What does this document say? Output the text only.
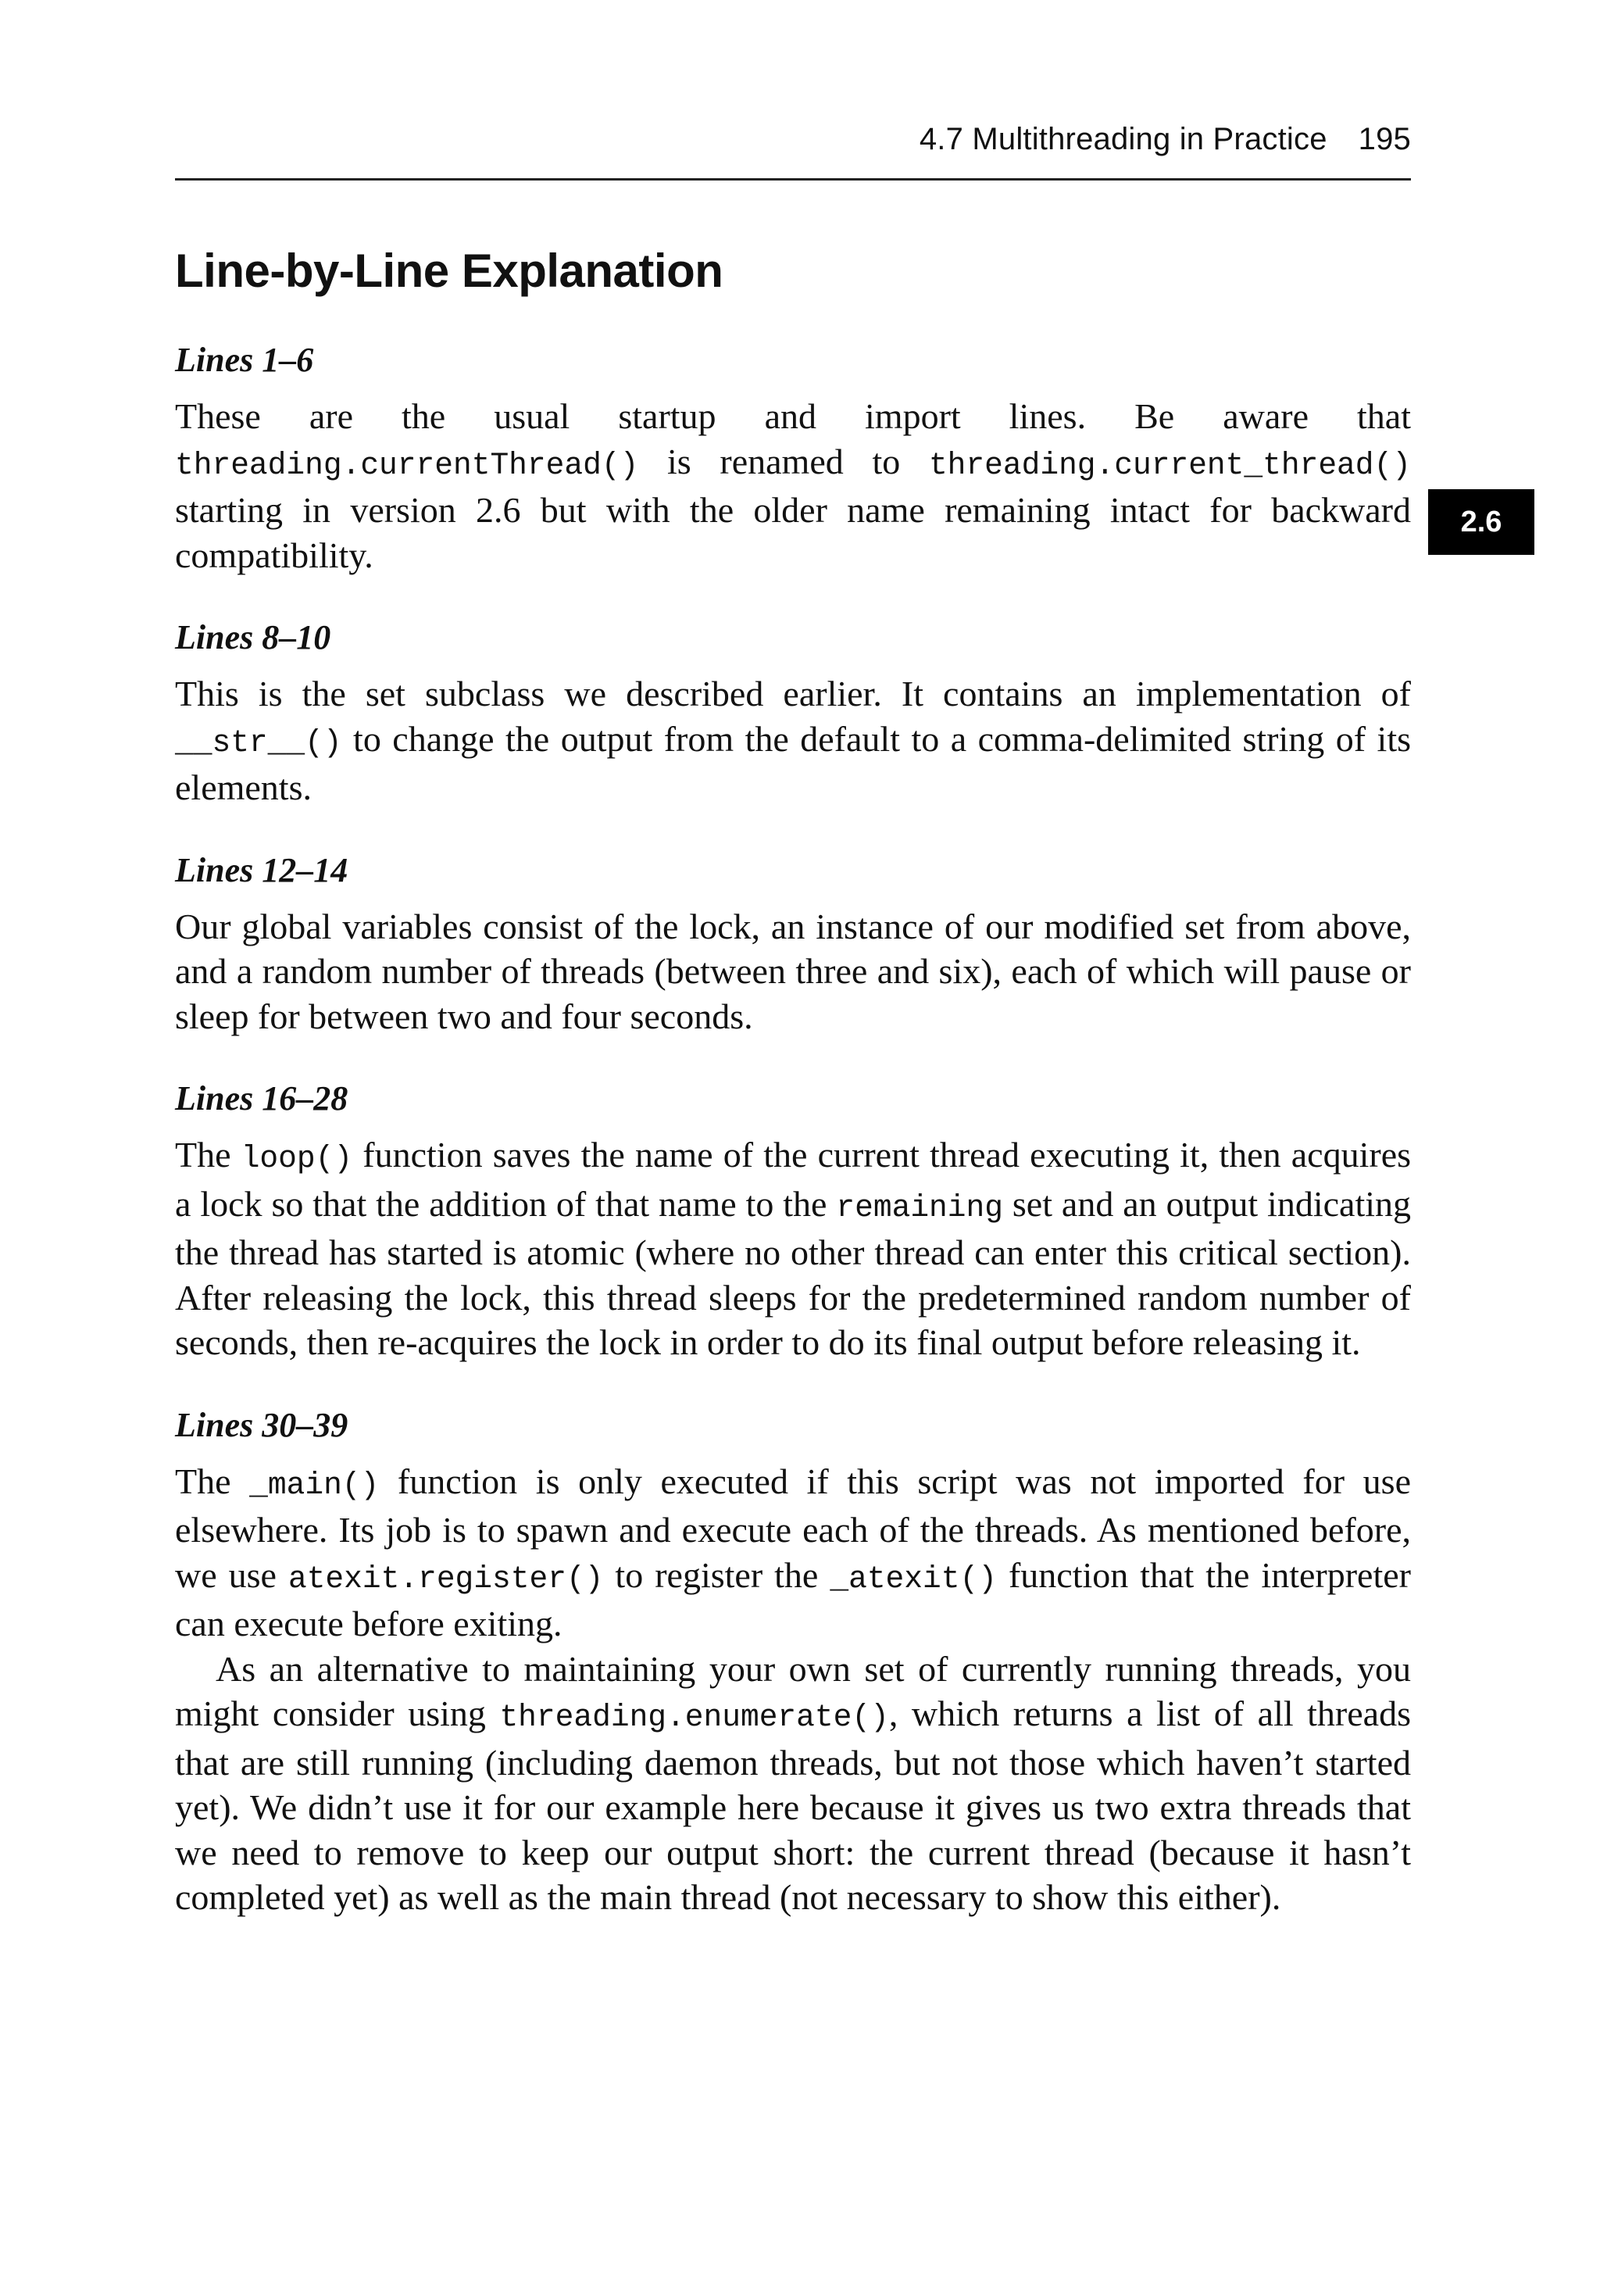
4.7 Multithreading in Practice 195
2.6
Line-by-Line Explanation

Lines 1–6

These are the usual startup and import lines. Be aware that threading.currentThread() is renamed to threading.current_thread() starting in version 2.6 but with the older name remaining intact for backward compatibility.

Lines 8–10

This is the set subclass we described earlier. It contains an implementation of __str__() to change the output from the default to a comma-delimited string of its elements.

Lines 12–14

Our global variables consist of the lock, an instance of our modified set from above, and a random number of threads (between three and six), each of which will pause or sleep for between two and four seconds.

Lines 16–28

The loop() function saves the name of the current thread executing it, then acquires a lock so that the addition of that name to the remaining set and an output indicating the thread has started is atomic (where no other thread can enter this critical section). After releasing the lock, this thread sleeps for the predetermined random number of seconds, then re-acquires the lock in order to do its final output before releasing it.

Lines 30–39

The _main() function is only executed if this script was not imported for use elsewhere. Its job is to spawn and execute each of the threads. As mentioned before, we use atexit.register() to register the _atexit() function that the interpreter can execute before exiting.

As an alternative to maintaining your own set of currently running threads, you might consider using threading.enumerate(), which returns a list of all threads that are still running (including daemon threads, but not those which haven’t started yet). We didn’t use it for our example here because it gives us two extra threads that we need to remove to keep our output short: the current thread (because it hasn’t completed yet) as well as the main thread (not necessary to show this either).
